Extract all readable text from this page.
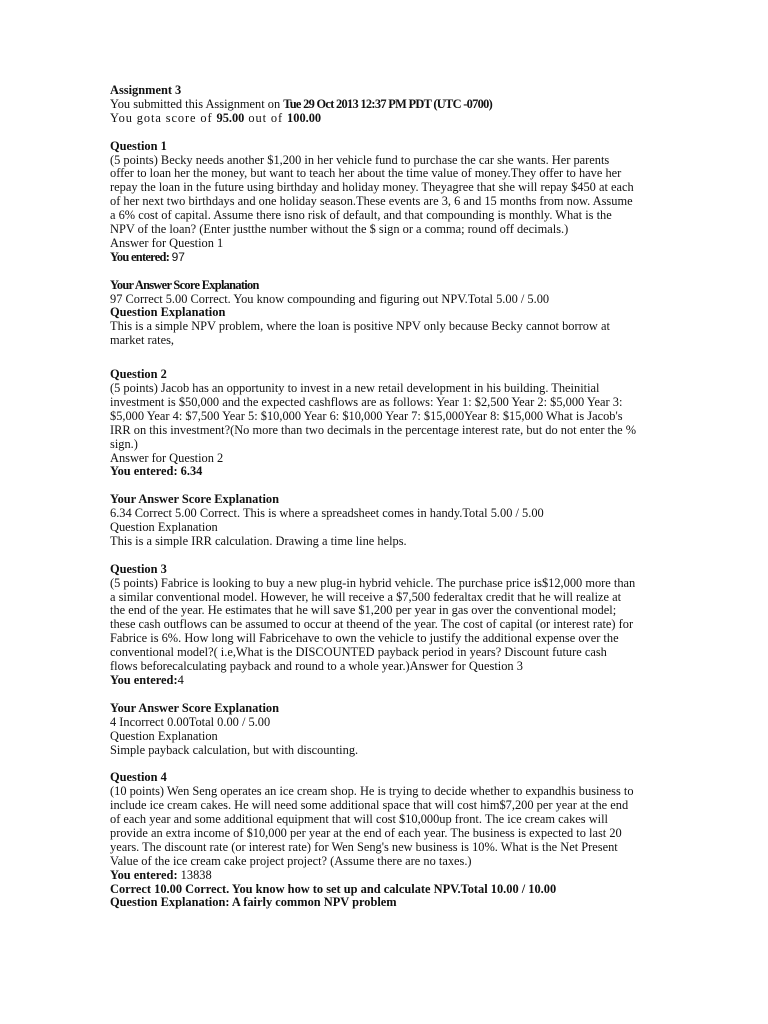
Assignment 3
You submitted this Assignment on Tue 29 Oct 2013 12:37 PM PDT (UTC -0700)
You gota score of 95.00 out of 100.00
Question 1
(5 points) Becky needs another $1,200 in her vehicle fund to purchase the car she wants. Her parents
offer to loan her the money, but want to teach her about the time value of money.They offer to have her
repay the loan in the future using birthday and holiday money. Theyagree that she will repay $450 at each
of her next two birthdays and one holiday season.These events are 3, 6 and 15 months from now. Assume
a 6% cost of capital. Assume there isno risk of default, and that compounding is monthly. What is the
NPV of the loan? (Enter justthe number without the $ sign or a comma; round off decimals.)
Answer for Question 1
You entered: 97
Your Answer Score Explanation
97 Correct 5.00 Correct. You know compounding and figuring out NPV.Total 5.00 / 5.00
Question Explanation
This is a simple NPV problem, where the loan is positive NPV only because Becky cannot borrow at
market rates,
Question 2
(5 points) Jacob has an opportunity to invest in a new retail development in his building. Theinitial
investment is $50,000 and the expected cashflows are as follows: Year 1: $2,500 Year 2: $5,000 Year 3:
$5,000 Year 4: $7,500 Year 5: $10,000 Year 6: $10,000 Year 7: $15,000Year 8: $15,000 What is Jacob's
IRR on this investment?(No more than two decimals in the percentage interest rate, but do not enter the %
sign.)
Answer for Question 2
You entered: 6.34
Your Answer Score Explanation
6.34 Correct 5.00 Correct. This is where a spreadsheet comes in handy.Total 5.00 / 5.00
Question Explanation
This is a simple IRR calculation. Drawing a time line helps.
Question 3
(5 points) Fabrice is looking to buy a new plug-in hybrid vehicle. The purchase price is$12,000 more than
a similar conventional model. However, he will receive a $7,500 federaltax credit that he will realize at
the end of the year. He estimates that he will save $1,200 per year in gas over the conventional model;
these cash outflows can be assumed to occur at theend of the year. The cost of capital (or interest rate) for
Fabrice is 6%. How long will Fabricehave to own the vehicle to justify the additional expense over the
conventional model?( i.e,What is the DISCOUNTED payback period in years? Discount future cash
flows beforecalculating payback and round to a whole year.)Answer for Question 3
You entered:4
Your Answer Score Explanation
4 Incorrect 0.00Total 0.00 / 5.00
Question Explanation
Simple payback calculation, but with discounting.
Question 4
(10 points) Wen Seng operates an ice cream shop. He is trying to decide whether to expandhis business to
include ice cream cakes. He will need some additional space that will cost him$7,200 per year at the end
of each year and some additional equipment that will cost $10,000up front. The ice cream cakes will
provide an extra income of $10,000 per year at the end of each year. The business is expected to last 20
years. The discount rate (or interest rate) for Wen Seng's new business is 10%. What is the Net Present
Value of the ice cream cake project project? (Assume there are no taxes.)
You entered: 13838
Correct 10.00 Correct. You know how to set up and calculate NPV.Total 10.00 / 10.00
Question Explanation: A fairly common NPV problem
